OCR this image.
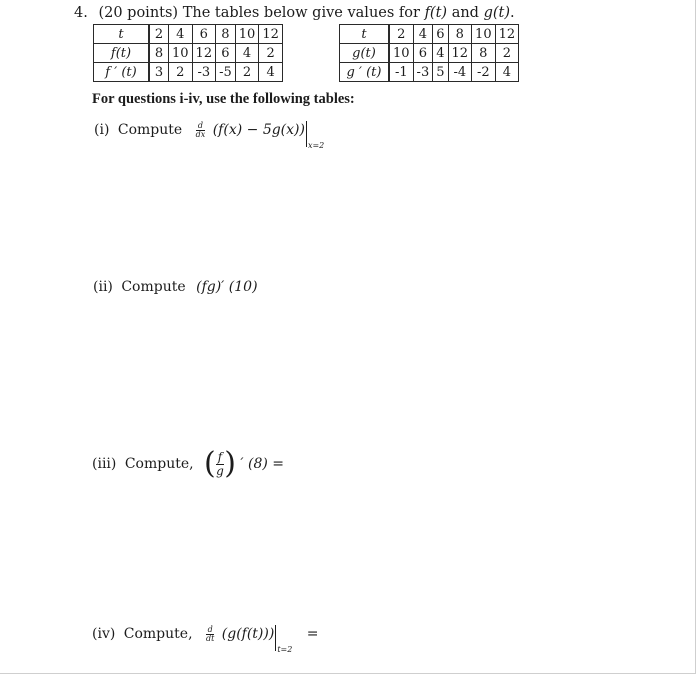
4. (20 points) The tables below give values for f(t) and g(t).
t	2	4	6	8	10	12
f(t)	8	10	12	6	4	2
f ′ (t)	3	2	-3	-5	2	4
t	2	4	6	8	10	12
g(t)	10	6	4	12	8	2
g ′ (t)	-1	-3	5	-4	-2	4
For questions i-iv, use the following tables:
(i) Compute $\frac{d}{dx} (f(x) - 5g(x))x=2$
(ii) Compute (fg)′ (10)
(iii) Compute, ( $\frac{f}{g}$ ) ′ (8) =
(iv) Compute, $\frac{d}{dt} (g(f(t)))t=2$ =
